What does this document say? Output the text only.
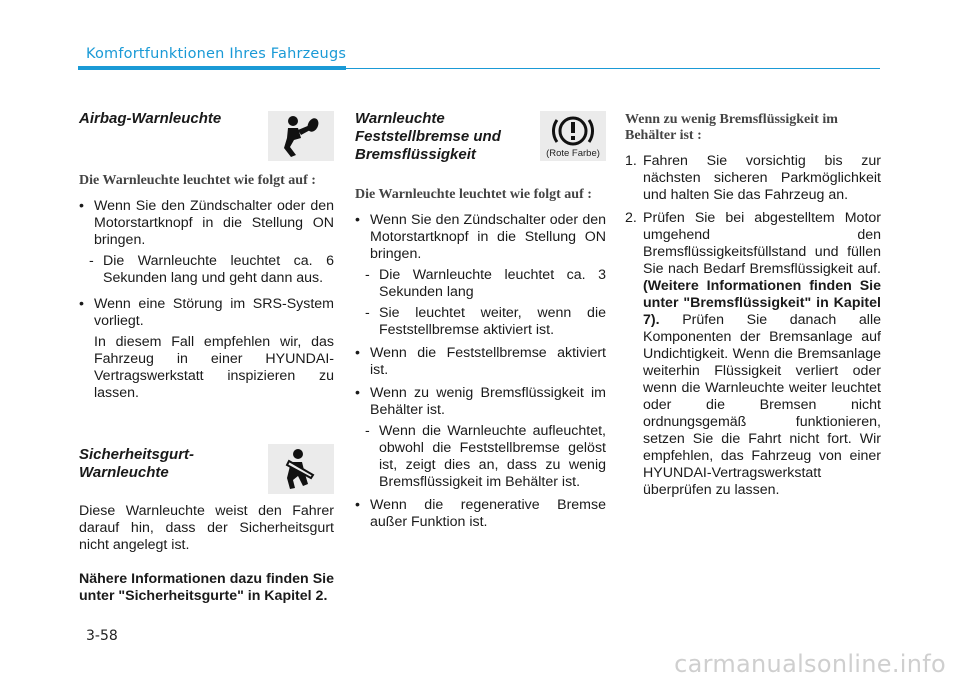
Komfortfunktionen Ihres Fahrzeugs
Airbag-Warnleuchte

Die Warnleuchte leuchtet wie folgt auf :

• Wenn Sie den Zündschalter oder den Motorstartknopf in die Stellung ON bringen.
- Die Warnleuchte leuchtet ca. 6 Sekunden lang und geht dann aus.
• Wenn eine Störung im SRS-System vorliegt.

In diesem Fall empfehlen wir, das Fahrzeug in einer HYUNDAI-Vertragswerkstatt inspizieren zu lassen.

Sicherheitsgurt-Warnleuchte

Diese Warnleuchte weist den Fahrer darauf hin, dass der Sicherheitsgurt nicht angelegt ist.

Nähere Informationen dazu finden Sie unter "Sicherheitsgurte" in Kapitel 2.

Warnleuchte Feststellbremse und Bremsflüssigkeit	(Rote Farbe)

Die Warnleuchte leuchtet wie folgt auf :

• Wenn Sie den Zündschalter oder den Motorstartknopf in die Stellung ON bringen.
- Die Warnleuchte leuchtet ca. 3 Sekunden lang
- Sie leuchtet weiter, wenn die Feststellbremse aktiviert ist.
• Wenn die Feststellbremse aktiviert ist.
• Wenn zu wenig Bremsflüssigkeit im Behälter ist.
- Wenn die Warnleuchte aufleuchtet, obwohl die Feststellbremse gelöst ist, zeigt dies an, dass zu wenig Bremsflüssigkeit im Behälter ist.
• Wenn die regenerative Bremse außer Funktion ist.

Wenn zu wenig Bremsflüssigkeit im Behälter ist :

1. Fahren Sie vorsichtig bis zur nächsten sicheren Parkmöglichkeit und halten Sie das Fahrzeug an.
2. Prüfen Sie bei abgestelltem Motor umgehend den Bremsflüssigkeitsfüllstand und füllen Sie nach Bedarf Bremsflüssigkeit auf. (Weitere Informationen finden Sie unter "Bremsflüssigkeit" in Kapitel 7). Prüfen Sie danach alle Komponenten der Bremsanlage auf Undichtigkeit. Wenn die Bremsanlage weiterhin Flüssigkeit verliert oder wenn die Warnleuchte weiter leuchtet oder die Bremsen nicht ordnungsgemäß funktionieren, setzen Sie die Fahrt nicht fort. Wir empfehlen, das Fahrzeug von einer HYUNDAI-Vertragswerkstatt überprüfen zu lassen.
3-58
carmanualsonline.info
